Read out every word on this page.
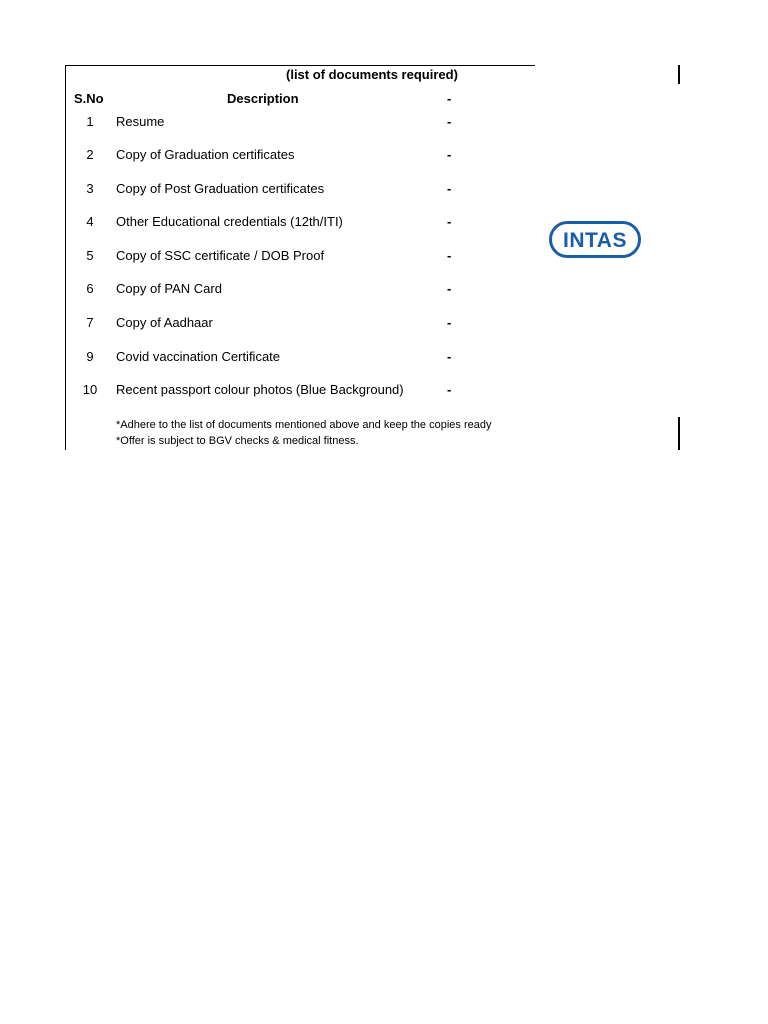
(list of documents required)
S.No	Description	-
1	Resume	-
2	Copy of Graduation certificates	-
3	Copy of Post Graduation certificates	-
4	Other Educational credentials (12th/ITI)	-
5	Copy of SSC certificate / DOB Proof	-
6	Copy of PAN Card	-
7	Copy of Aadhaar	-
9	Covid vaccination Certificate	-
10	Recent passport colour photos (Blue Background)	-
*Adhere to the list of documents mentioned above and keep the copies ready
*Offer is subject to BGV checks & medical fitness.
INTAS
